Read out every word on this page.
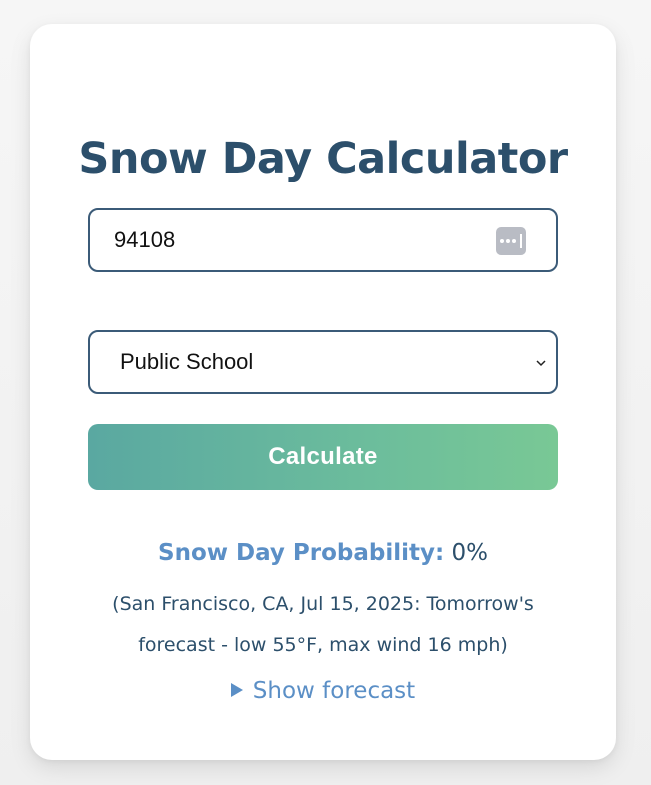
Snow Day Calculator
94108
Public School
Calculate
Snow Day Probability: 0%
(San Francisco, CA, Jul 15, 2025: Tomorrow's
forecast - low 55°F, max wind 16 mph)
Show forecast
